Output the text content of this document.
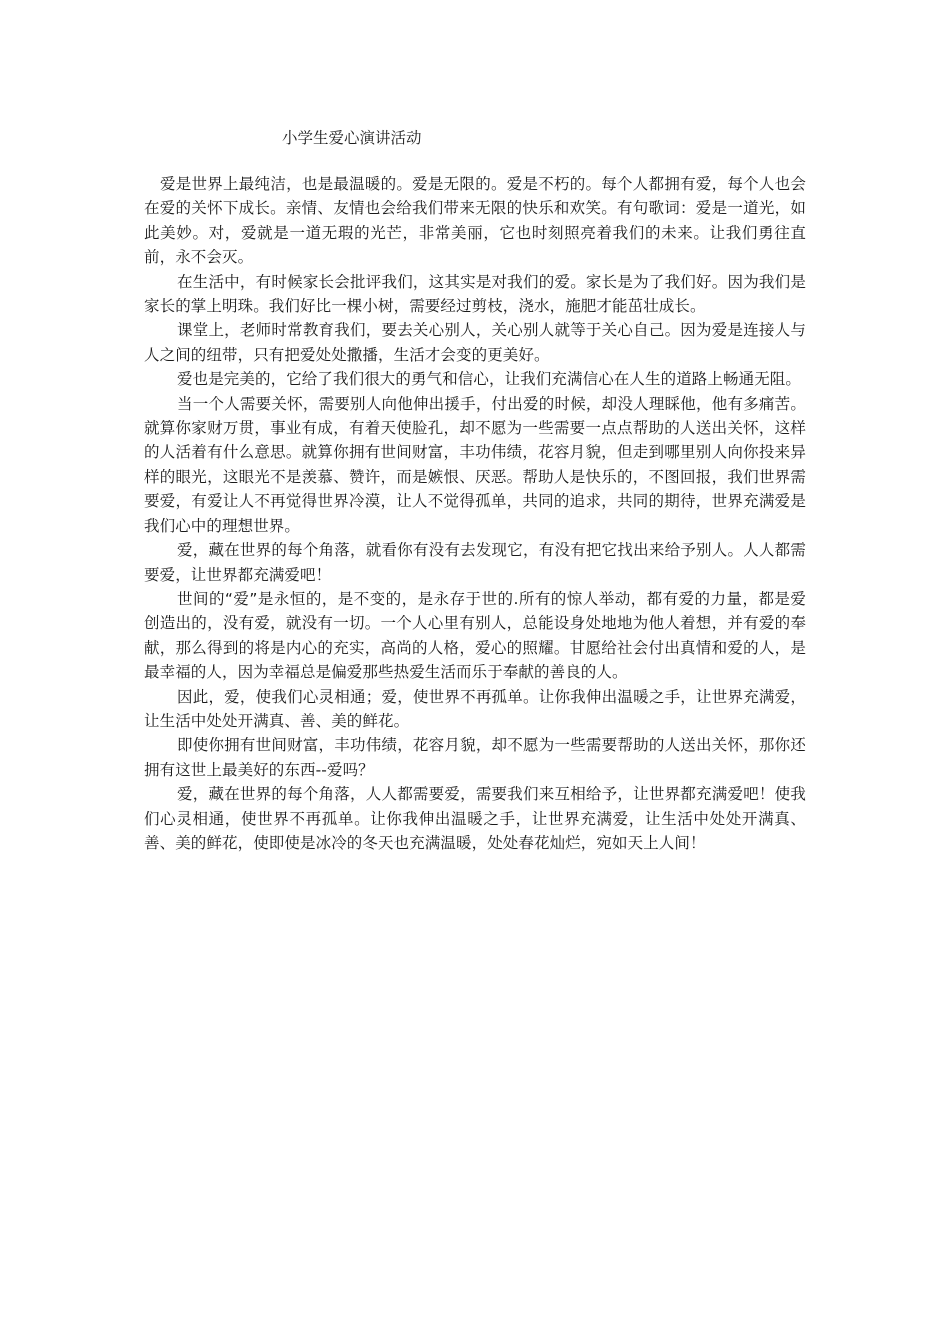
小学生爱心演讲活动

爱是世界上最纯洁，也是最温暖的。爱是无限的。爱是不朽的。每个人都拥有爱，每个人也会在爱的关怀下成长。亲情、友情也会给我们带来无限的快乐和欢笑。有句歌词：爱是一道光，如此美妙。对，爱就是一道无瑕的光芒，非常美丽，它也时刻照亮着我们的未来。让我们勇往直前，永不会灭。

在生活中，有时候家长会批评我们，这其实是对我们的爱。家长是为了我们好。因为我们是家长的掌上明珠。我们好比一棵小树，需要经过剪枝，浇水，施肥才能茁壮成长。

课堂上，老师时常教育我们，要去关心别人，关心别人就等于关心自己。因为爱是连接人与人之间的纽带，只有把爱处处撒播，生活才会变的更美好。

爱也是完美的，它给了我们很大的勇气和信心，让我们充满信心在人生的道路上畅通无阻。

当一个人需要关怀，需要别人向他伸出援手，付出爱的时候，却没人理睬他，他有多痛苦。就算你家财万贯，事业有成，有着天使脸孔，却不愿为一些需要一点点帮助的人送出关怀，这样的人活着有什么意思。就算你拥有世间财富，丰功伟绩，花容月貌，但走到哪里别人向你投来异样的眼光，这眼光不是羡慕、赞许，而是嫉恨、厌恶。帮助人是快乐的，不图回报，我们世界需要爱，有爱让人不再觉得世界冷漠，让人不觉得孤单，共同的追求，共同的期待，世界充满爱是我们心中的理想世界。

爱，藏在世界的每个角落，就看你有没有去发现它，有没有把它找出来给予别人。人人都需要爱，让世界都充满爱吧！

世间的“爱”是永恒的，是不变的，是永存于世的.所有的惊人举动，都有爱的力量，都是爱创造出的，没有爱，就没有一切。一个人心里有别人，总能设身处地地为他人着想，并有爱的奉献，那么得到的将是内心的充实，高尚的人格，爱心的照耀。甘愿给社会付出真情和爱的人，是最幸福的人，因为幸福总是偏爱那些热爱生活而乐于奉献的善良的人。

因此，爱，使我们心灵相通；爱，使世界不再孤单。让你我伸出温暖之手，让世界充满爱，让生活中处处开满真、善、美的鲜花。

即使你拥有世间财富，丰功伟绩，花容月貌，却不愿为一些需要帮助的人送出关怀，那你还拥有这世上最美好的东西--爱吗？

爱，藏在世界的每个角落，人人都需要爱，需要我们来互相给予，让世界都充满爱吧！使我们心灵相通，使世界不再孤单。让你我伸出温暖之手，让世界充满爱，让生活中处处开满真、善、美的鲜花，使即使是冰冷的冬天也充满温暖，处处春花灿烂，宛如天上人间！
